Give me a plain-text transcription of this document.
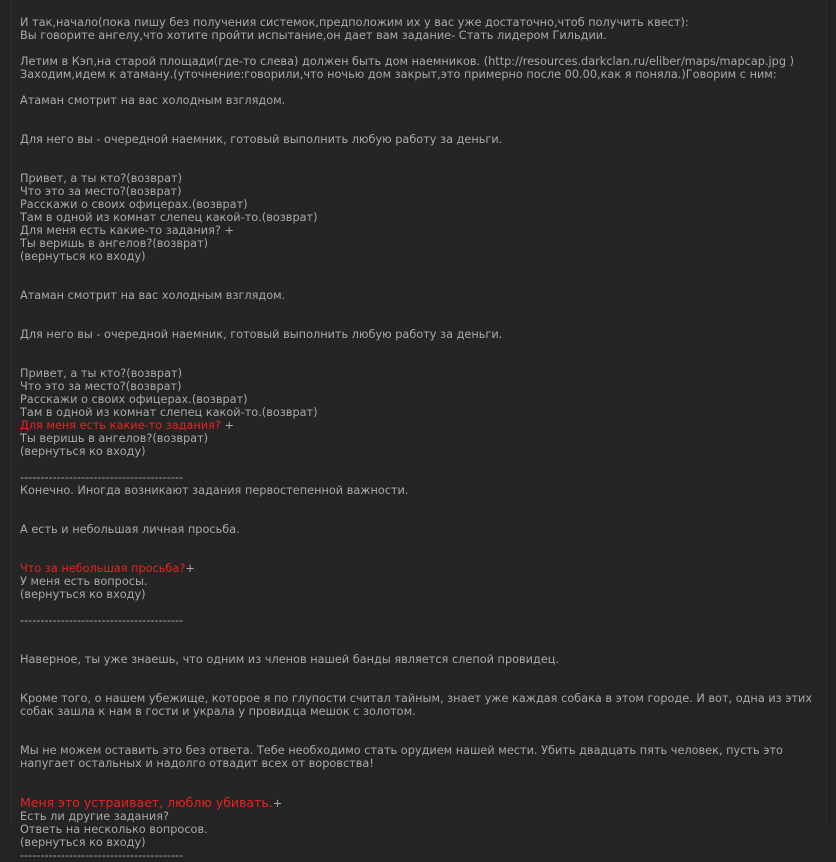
И так,начало(пока пишу без получения системок,предположим их у вас уже достаточно,чтоб получить квест):
Вы говорите ангелу,что хотите пройти испытание,он дает вам задание- Стать лидером Гильдии.
Летим в Кэп,на старой площади(где-то слева) должен быть дом наемников. (http://resources.darkclan.ru/eliber/maps/mapcap.jpg )
Заходим,идем к атаману.(уточнение:говорили,что ночью дом закрыт,это примерно после 00.00,как я поняла.)Говорим с ним:
Атаман смотрит на вас холодным взглядом.
Для него вы - очередной наемник, готовый выполнить любую работу за деньги.
Привет, а ты кто?(возврат)
Что это за место?(возврат)
Расскажи о своих офицерах.(возврат)
Там в одной из комнат слепец какой-то.(возврат)
Для меня есть какие-то задания? +
Ты веришь в ангелов?(возврат)
(вернуться ко входу)
Атаман смотрит на вас холодным взглядом.
Для него вы - очередной наемник, готовый выполнить любую работу за деньги.
Привет, а ты кто?(возврат)
Что это за место?(возврат)
Расскажи о своих офицерах.(возврат)
Там в одной из комнат слепец какой-то.(возврат)
Для меня есть какие-то задания? +
Ты веришь в ангелов?(возврат)
(вернуться ко входу)
----------------------------------------
Конечно. Иногда возникают задания первостепенной важности.
А есть и небольшая личная просьба.
Что за небольшая просьба?+
У меня есть вопросы.
(вернуться ко входу)
----------------------------------------
Наверное, ты уже знаешь, что одним из членов нашей банды является слепой провидец.
Кроме того, о нашем убежище, которое я по глупости считал тайным, знает уже каждая собака в этом городе. И вот, одна из этих собак зашла к нам в гости и украла у провидца мешок с золотом.
Мы не можем оставить это без ответа. Тебе необходимо стать орудием нашей мести. Убить двадцать пять человек, пусть это напугает остальных и надолго отвадит всех от воровства!
Меня это устраивает, люблю убивать.+
Есть ли другие задания?
Ответь на несколько вопросов.
(вернуться ко входу)
----------------------------------------
